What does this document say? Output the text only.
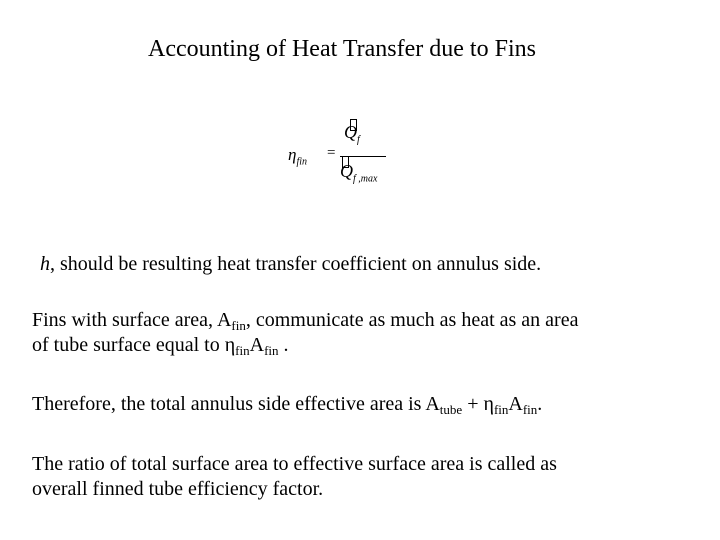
Accounting of Heat Transfer due to Fins
$\eta_{fin}$
=
$Q_f$
$Q_{f ,max}$
h, should be resulting heat transfer coefficient on annulus side.
Fins with surface area, $A_{fin}$, communicate as much as heat as an area
of tube surface equal to $\eta_{fin}A_{fin}$ .
Therefore, the total annulus side effective area is $A_{tube} + \eta_{fin}A_{fin}$.
The ratio of total surface area to effective surface area is called as
overall finned tube efficiency factor.
